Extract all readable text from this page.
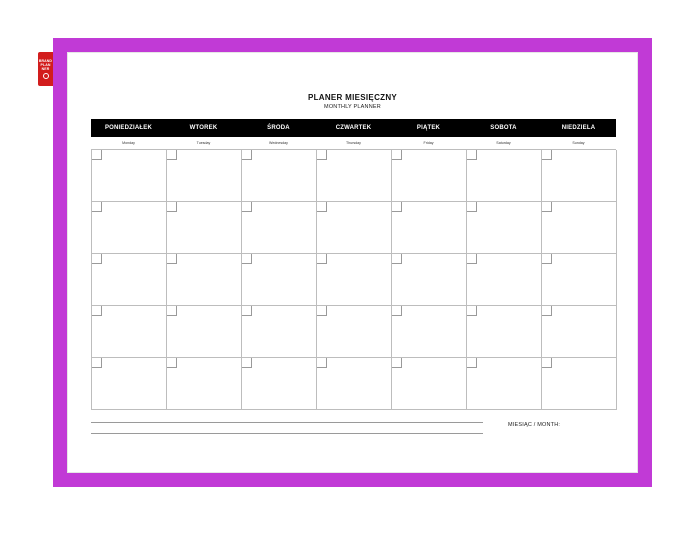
BRAND
PLAN
NER
PLANER MIESIĘCZNY
MONTHLY PLANNER
PONIEDZIAŁEK	WTOREK	ŚRODA	CZWARTEK	PIĄTEK	SOBOTA	NIEDZIELA
Monday	Tuesday	Wednesday	Thursday	Friday	Saturday	Sunday
MIESIĄC / MONTH:
